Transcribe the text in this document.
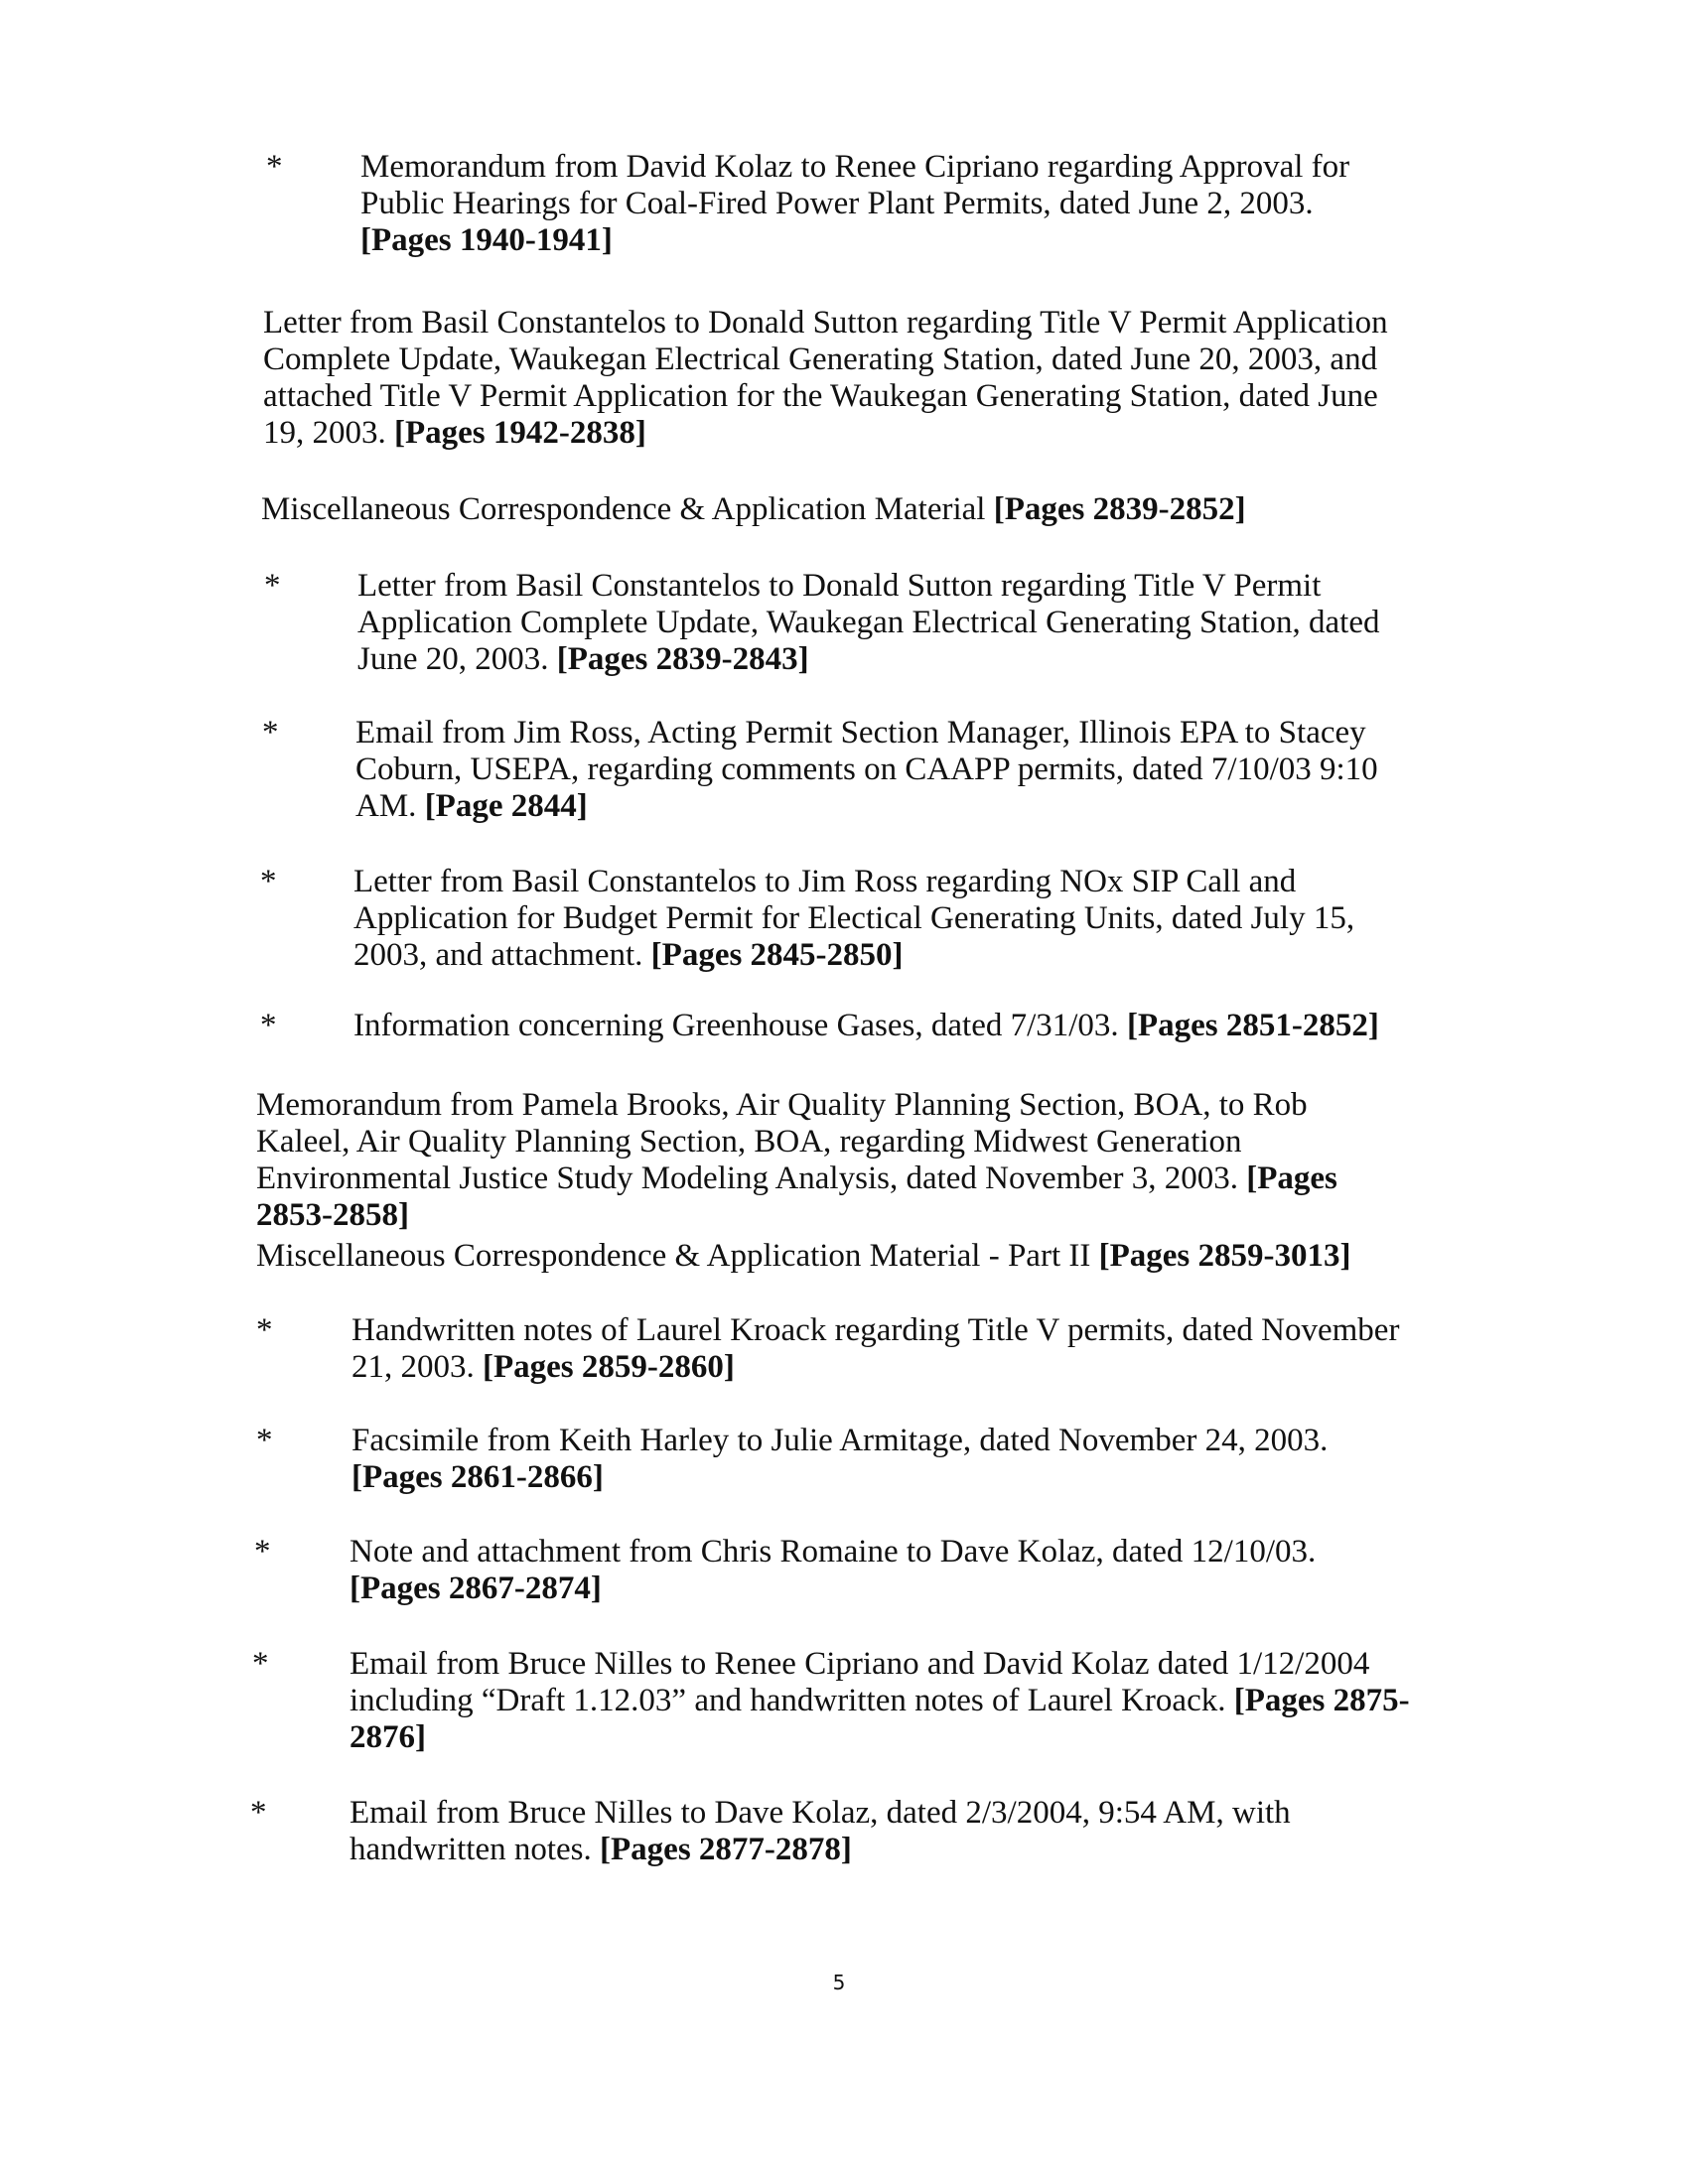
*	Memorandum from David Kolaz to Renee Cipriano regarding Approval for Public Hearings for Coal-Fired Power Plant Permits, dated June 2, 2003. [Pages 1940-1941]
Letter from Basil Constantelos to Donald Sutton regarding Title V Permit Application Complete Update, Waukegan Electrical Generating Station, dated June 20, 2003, and attached Title V Permit Application for the Waukegan Generating Station, dated June 19, 2003. [Pages 1942-2838]
Miscellaneous Correspondence & Application Material [Pages 2839-2852]
*	Letter from Basil Constantelos to Donald Sutton regarding Title V Permit Application Complete Update, Waukegan Electrical Generating Station, dated June 20, 2003. [Pages 2839-2843]
*	Email from Jim Ross, Acting Permit Section Manager, Illinois EPA to Stacey Coburn, USEPA, regarding comments on CAAPP permits, dated 7/10/03 9:10 AM. [Page 2844]
*	Letter from Basil Constantelos to Jim Ross regarding NOx SIP Call and Application for Budget Permit for Electical Generating Units, dated July 15, 2003, and attachment. [Pages 2845-2850]
*	Information concerning Greenhouse Gases, dated 7/31/03. [Pages 2851-2852]
Memorandum from Pamela Brooks, Air Quality Planning Section, BOA, to Rob Kaleel, Air Quality Planning Section, BOA, regarding Midwest Generation Environmental Justice Study Modeling Analysis, dated November 3, 2003. [Pages 2853-2858]
Miscellaneous Correspondence & Application Material - Part II [Pages 2859-3013]
*	Handwritten notes of Laurel Kroack regarding Title V permits, dated November 21, 2003. [Pages 2859-2860]
*	Facsimile from Keith Harley to Julie Armitage, dated November 24, 2003. [Pages 2861-2866]
*	Note and attachment from Chris Romaine to Dave Kolaz, dated 12/10/03. [Pages 2867-2874]
*	Email from Bruce Nilles to Renee Cipriano and David Kolaz dated 1/12/2004 including “Draft 1.12.03” and handwritten notes of Laurel Kroack. [Pages 2875-2876]
*	Email from Bruce Nilles to Dave Kolaz, dated 2/3/2004, 9:54 AM, with handwritten notes. [Pages 2877-2878]
5
